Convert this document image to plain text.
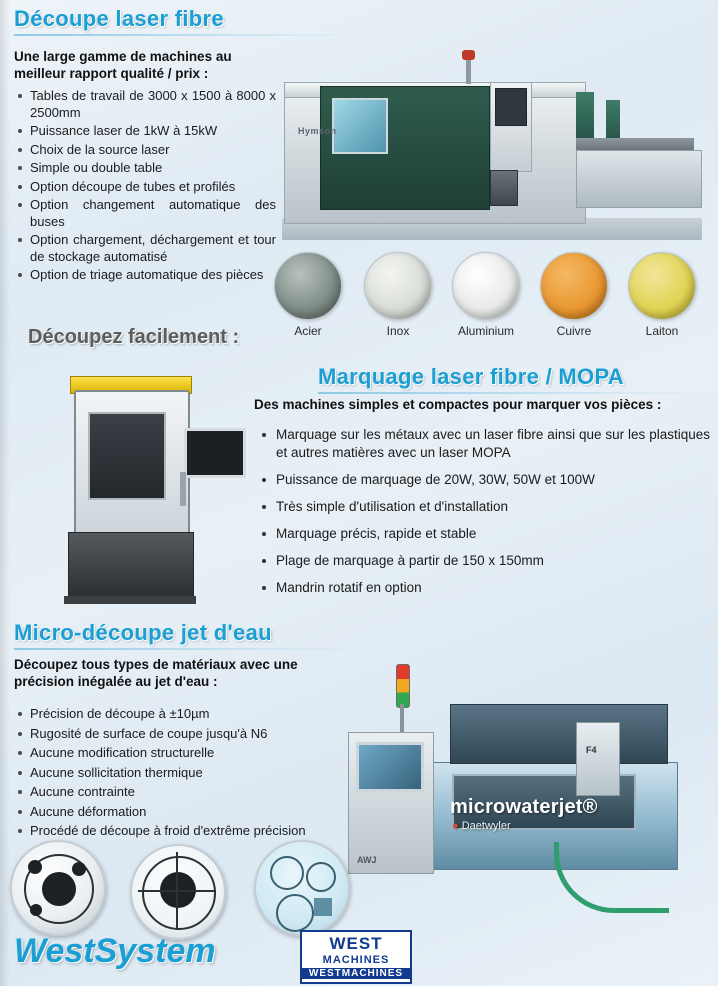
Découpe laser fibre
Une large gamme de machines au meilleur rapport qualité / prix :
Tables de travail de 3000 x 1500 à 8000 x 2500mm
Puissance laser de 1kW à 15kW
Choix de la source laser
Simple ou double table
Option découpe de tubes et profilés
Option changement automatique des buses
Option chargement, déchargement et tour de stockage automatisé
Option de triage automatique des pièces
Hymson
Acier	Inox	Aluminium	Cuivre	Laiton
Découpez facilement :
Marquage laser fibre / MOPA
Des machines simples et compactes pour marquer vos pièces :
Marquage sur les métaux avec un laser fibre ainsi que sur les plastiques et autres matières avec un laser MOPA
Puissance de marquage de 20W, 30W, 50W et 100W
Très simple d'utilisation et d'installation
Marquage précis, rapide et stable
Plage de marquage à partir de 150 x 150mm
Mandrin rotatif en option
Micro-découpe jet d'eau
Découpez tous types de matériaux avec une précision inégalée au jet d'eau :
Précision de découpe à ±10µm
Rugosité de surface de coupe jusqu'à N6
Aucune modification structurelle
Aucune sollicitation thermique
Aucune contrainte
Aucune déformation
Procédé de découpe à froid d'extrême précision
F4
AWJ
microwaterjet®
● Daetwyler
WestSystem	WEST
MACHINES
WESTMACHINES
